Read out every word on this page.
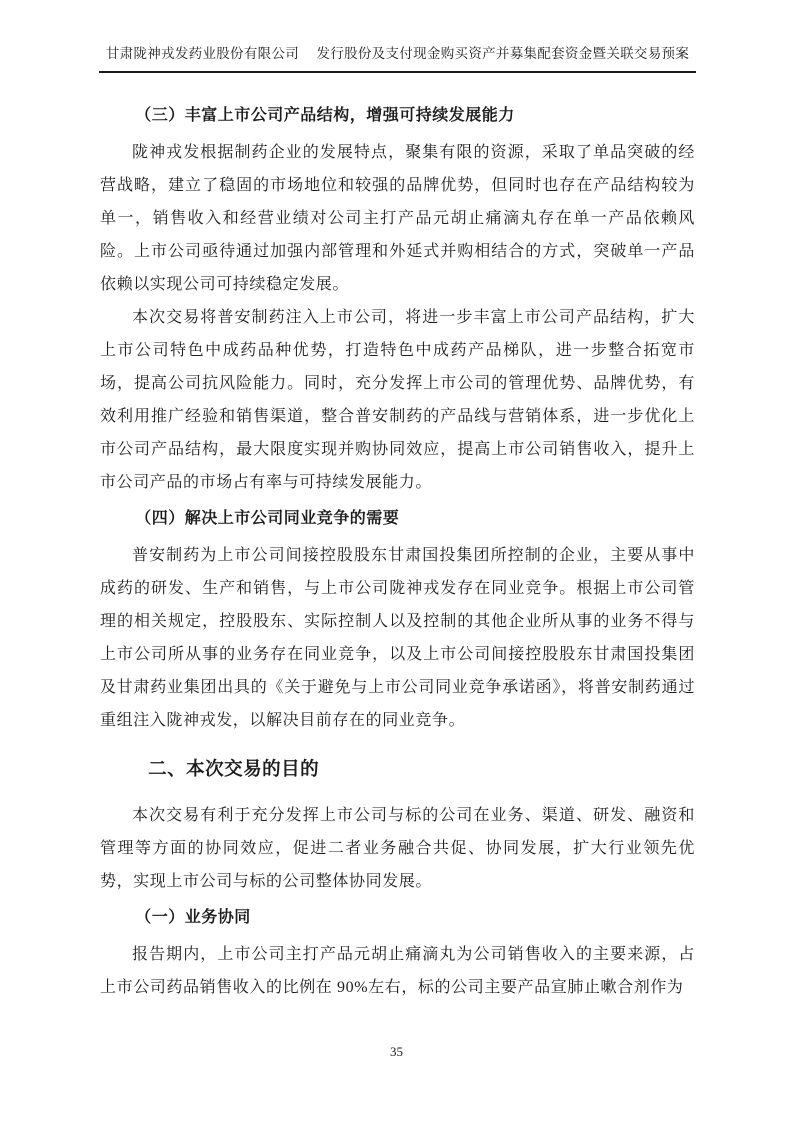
甘肃陇神戎发药业股份有限公司　 发行股份及支付现金购买资产并募集配套资金暨关联交易预案
（三）丰富上市公司产品结构，增强可持续发展能力

陇神戎发根据制药企业的发展特点，聚集有限的资源，采取了单品突破的经营战略，建立了稳固的市场地位和较强的品牌优势，但同时也存在产品结构较为单一，销售收入和经营业绩对公司主打产品元胡止痛滴丸存在单一产品依赖风险。上市公司亟待通过加强内部管理和外延式并购相结合的方式，突破单一产品依赖以实现公司可持续稳定发展。

本次交易将普安制药注入上市公司，将进一步丰富上市公司产品结构，扩大上市公司特色中成药品种优势，打造特色中成药产品梯队，进一步整合拓宽市场，提高公司抗风险能力。同时，充分发挥上市公司的管理优势、品牌优势，有效利用推广经验和销售渠道，整合普安制药的产品线与营销体系，进一步优化上市公司产品结构，最大限度实现并购协同效应，提高上市公司销售收入，提升上市公司产品的市场占有率与可持续发展能力。

（四）解决上市公司同业竞争的需要

普安制药为上市公司间接控股股东甘肃国投集团所控制的企业，主要从事中成药的研发、生产和销售，与上市公司陇神戎发存在同业竞争。根据上市公司管理的相关规定，控股股东、实际控制人以及控制的其他企业所从事的业务不得与上市公司所从事的业务存在同业竞争，以及上市公司间接控股股东甘肃国投集团及甘肃药业集团出具的《关于避免与上市公司同业竞争承诺函》，将普安制药通过重组注入陇神戎发，以解决目前存在的同业竞争。

二、本次交易的目的

本次交易有利于充分发挥上市公司与标的公司在业务、渠道、研发、融资和管理等方面的协同效应，促进二者业务融合共促、协同发展，扩大行业领先优势，实现上市公司与标的公司整体协同发展。

（一）业务协同

报告期内，上市公司主打产品元胡止痛滴丸为公司销售收入的主要来源，占上市公司药品销售收入的比例在 90%左右，标的公司主要产品宣肺止嗽合剂作为

35
